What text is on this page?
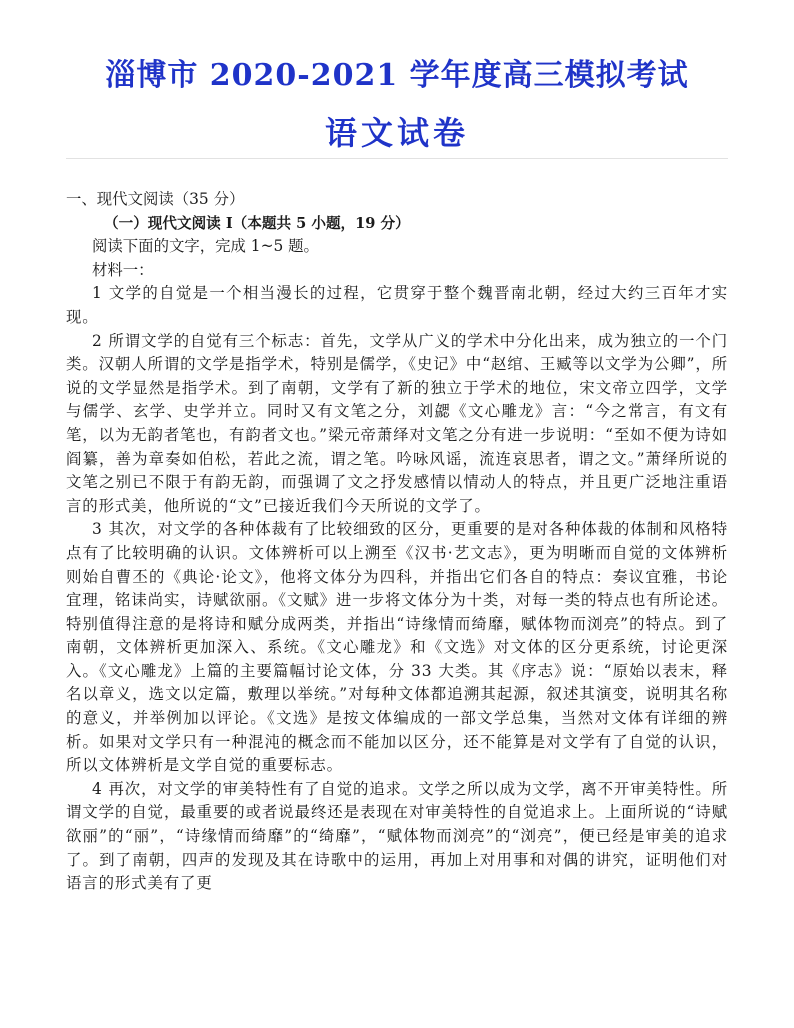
淄博市 2020-2021 学年度高三模拟考试
语文试卷

一、现代文阅读（35 分）

（一）现代文阅读 I（本题共 5 小题，19 分）

阅读下面的文字，完成 1~5 题。

材料一：

1 文学的自觉是一个相当漫长的过程，它贯穿于整个魏晋南北朝，经过大约三百年才实现。

2 所谓文学的自觉有三个标志：首先，文学从广义的学术中分化出来，成为独立的一个门类。汉朝人所谓的文学是指学术，特别是儒学，《史记》中“赵绾、王臧等以文学为公卿”，所说的文学显然是指学术。到了南朝，文学有了新的独立于学术的地位，宋文帝立四学，文学与儒学、玄学、史学并立。同时又有文笔之分，刘勰《文心雕龙》言：“今之常言，有文有笔，以为无韵者笔也，有韵者文也。”梁元帝萧绎对文笔之分有进一步说明：“至如不便为诗如阎纂，善为章奏如伯松，若此之流，谓之笔。吟咏风谣，流连哀思者，谓之文。”萧绎所说的文笔之别已不限于有韵无韵，而强调了文之抒发感情以情动人的特点，并且更广泛地注重语言的形式美，他所说的“文”已接近我们今天所说的文学了。

3 其次，对文学的各种体裁有了比较细致的区分，更重要的是对各种体裁的体制和风格特点有了比较明确的认识。文体辨析可以上溯至《汉书·艺文志》，更为明晰而自觉的文体辨析则始自曹丕的《典论·论文》，他将文体分为四科，并指出它们各自的特点：奏议宜雅，书论宜理，铭诔尚实，诗赋欲丽。《文赋》进一步将文体分为十类，对每一类的特点也有所论述。特别值得注意的是将诗和赋分成两类，并指出“诗缘情而绮靡，赋体物而浏亮”的特点。到了南朝，文体辨析更加深入、系统。《文心雕龙》和《文选》对文体的区分更系统，讨论更深入。《文心雕龙》上篇的主要篇幅讨论文体，分 33 大类。其《序志》说：“原始以表末，释名以章义，选文以定篇，敷理以举统。”对每种文体都追溯其起源，叙述其演变，说明其名称的意义，并举例加以评论。《文选》是按文体编成的一部文学总集，当然对文体有详细的辨析。如果对文学只有一种混沌的概念而不能加以区分，还不能算是对文学有了自觉的认识，所以文体辨析是文学自觉的重要标志。

4 再次，对文学的审美特性有了自觉的追求。文学之所以成为文学，离不开审美特性。所谓文学的自觉，最重要的或者说最终还是表现在对审美特性的自觉追求上。上面所说的“诗赋欲丽”的“丽”，“诗缘情而绮靡”的“绮靡”，“赋体物而浏亮”的“浏亮”，便已经是审美的追求了。到了南朝，四声的发现及其在诗歌中的运用，再加上对用事和对偶的讲究，证明他们对语言的形式美有了更
